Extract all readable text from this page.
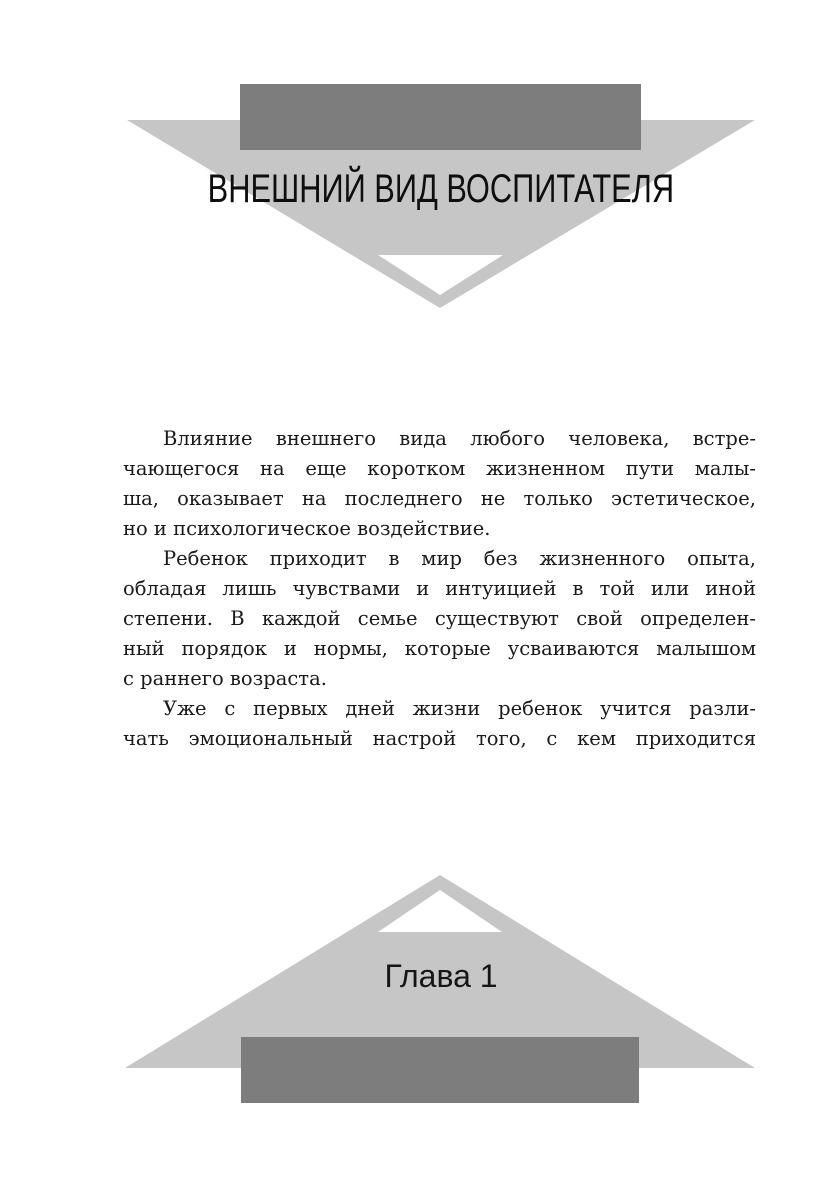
ВНЕШНИЙ ВИД ВОСПИТАТЕЛЯ

Влияние внешнего вида любого человека, встре-
чающегося на еще коротком жизненном пути малы-
ша, оказывает на последнего не только эстетическое,
но и психологическое воздействие.

Ребенок приходит в мир без жизненного опыта,
обладая лишь чувствами и интуицией в той или иной
степени. В каждой семье существуют свой определен-
ный порядок и нормы, которые усваиваются малышом
с раннего возраста.

Уже с первых дней жизни ребенок учится разли-
чать эмоциональный настрой того, с кем приходится

Глава 1
